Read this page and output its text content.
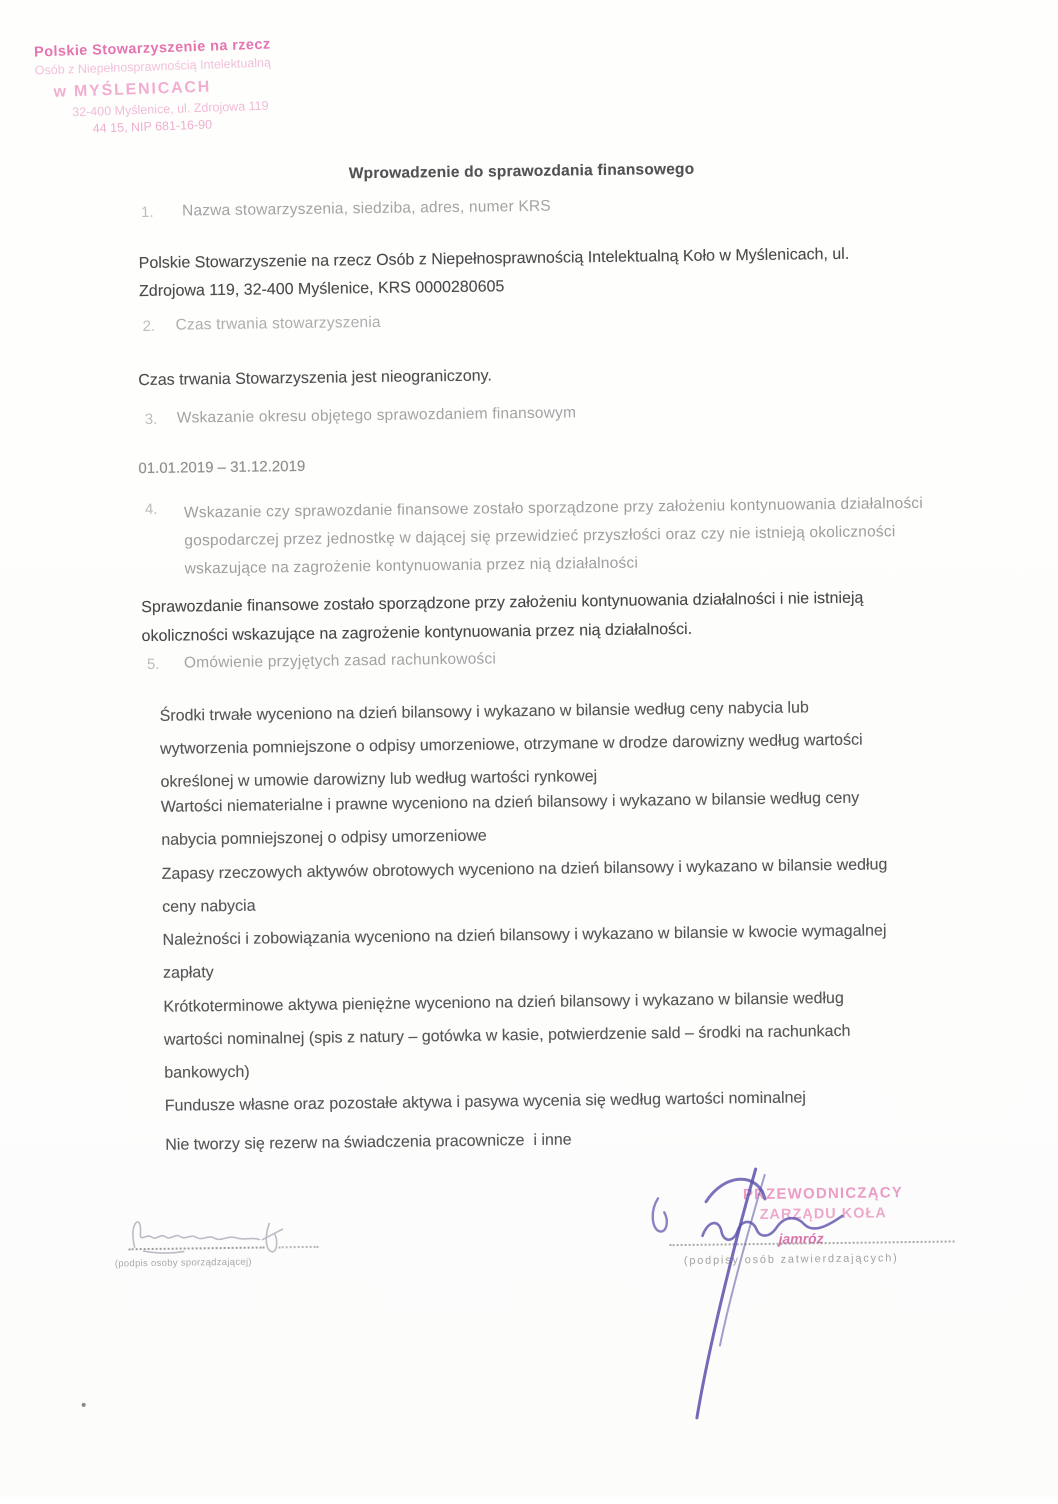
Polskie Stowarzyszenie na rzecz
Osób z Niepełnosprawnością Intelektualną
w MYŚLENICACH
32-400 Myślenice, ul. Zdrojowa 119
44 15, NIP 681-16-90
Wprowadzenie do sprawozdania finansowego
1. Nazwa stowarzyszenia, siedziba, adres, numer KRS
Polskie Stowarzyszenie na rzecz Osób z Niepełnosprawnością Intelektualną Koło w Myślenicach, ul. Zdrojowa 119, 32-400 Myślenice, KRS 0000280605
2. Czas trwania stowarzyszenia
Czas trwania Stowarzyszenia jest nieograniczony.
3. Wskazanie okresu objętego sprawozdaniem finansowym
01.01.2019 – 31.12.2019
4. Wskazanie czy sprawozdanie finansowe zostało sporządzone przy założeniu kontynuowania działalności gospodarczej przez jednostkę w dającej się przewidzieć przyszłości oraz czy nie istnieją okoliczności wskazujące na zagrożenie kontynuowania przez nią działalności
Sprawozdanie finansowe zostało sporządzone przy założeniu kontynuowania działalności i nie istnieją okoliczności wskazujące na zagrożenie kontynuowania przez nią działalności.
5. Omówienie przyjętych zasad rachunkowości
Środki trwałe wyceniono na dzień bilansowy i wykazano w bilansie według ceny nabycia lub wytworzenia pomniejszone o odpisy umorzeniowe, otrzymane w drodze darowizny według wartości określonej w umowie darowizny lub według wartości rynkowej
Wartości niematerialne i prawne wyceniono na dzień bilansowy i wykazano w bilansie według ceny nabycia pomniejszonej o odpisy umorzeniowe
Zapasy rzeczowych aktywów obrotowych wyceniono na dzień bilansowy i wykazano w bilansie według ceny nabycia
Należności i zobowiązania wyceniono na dzień bilansowy i wykazano w bilansie w kwocie wymagalnej zapłaty
Krótkoterminowe aktywa pieniężne wyceniono na dzień bilansowy i wykazano w bilansie według wartości nominalnej (spis z natury – gotówka w kasie, potwierdzenie sald – środki na rachunkach bankowych)
Fundusze własne oraz pozostałe aktywa i pasywa wycenia się według wartości nominalnej
Nie tworzy się rezerw na świadczenia pracownicze  i inne
(podpis osoby sporządzającej)
PRZEWODNICZĄCY
ZARZĄDU KOŁA
jamróz
(podpisy osób zatwierdzających)
